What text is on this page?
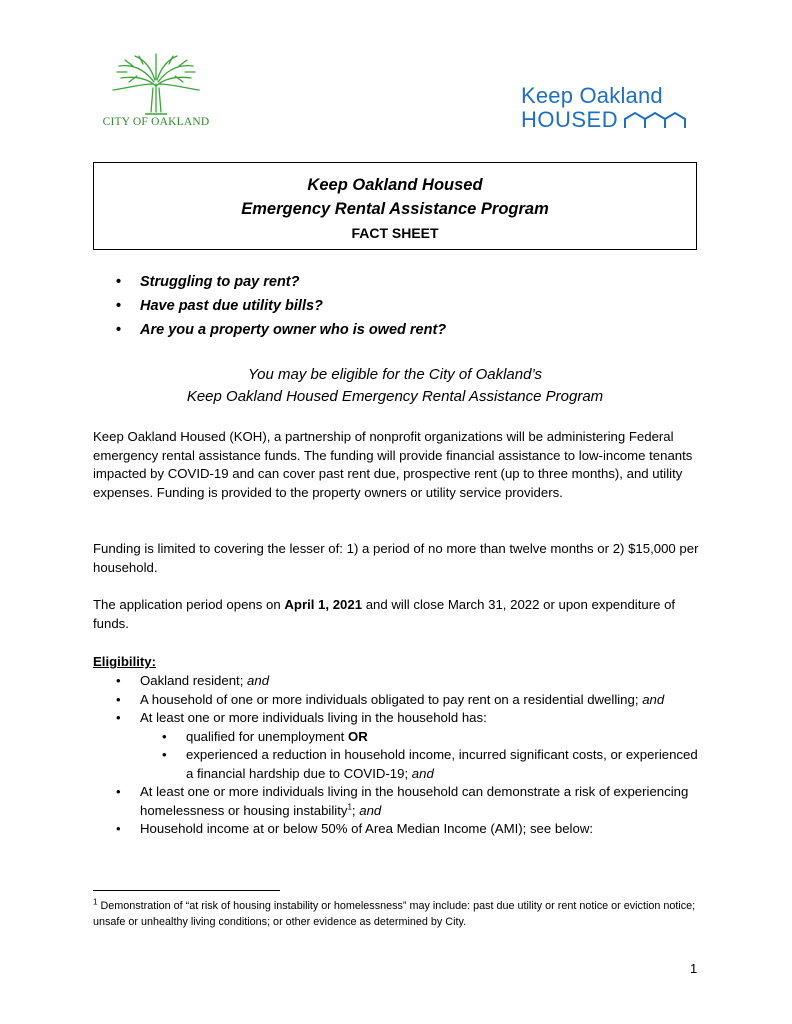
CITY OF OAKLAND
Keep Oakland
HOUSED
Keep Oakland Housed
Emergency Rental Assistance Program
FACT SHEET
• Struggling to pay rent?
• Have past due utility bills?
• Are you a property owner who is owed rent?
You may be eligible for the City of Oakland’s
Keep Oakland Housed Emergency Rental Assistance Program
Keep Oakland Housed (KOH), a partnership of nonprofit organizations will be administering Federal emergency rental assistance funds. The funding will provide financial assistance to low-income tenants impacted by COVID-19 and can cover past rent due, prospective rent (up to three months), and utility expenses. Funding is provided to the property owners or utility service providers.
Funding is limited to covering the lesser of: 1) a period of no more than twelve months or 2) $15,000 per household.
The application period opens on April 1, 2021 and will close March 31, 2022 or upon expenditure of funds.
Eligibility:
• Oakland resident; and
• A household of one or more individuals obligated to pay rent on a residential dwelling; and
• At least one or more individuals living in the household has:
• qualified for unemployment OR
• experienced a reduction in household income, incurred significant costs, or experienced a financial hardship due to COVID-19; and
• At least one or more individuals living in the household can demonstrate a risk of experiencing homelessness or housing instability$^1$; and
• Household income at or below 50% of Area Median Income (AMI); see below:
$^1$ Demonstration of “at risk of housing instability or homelessness” may include: past due utility or rent notice or eviction notice; unsafe or unhealthy living conditions; or other evidence as determined by City.
1
